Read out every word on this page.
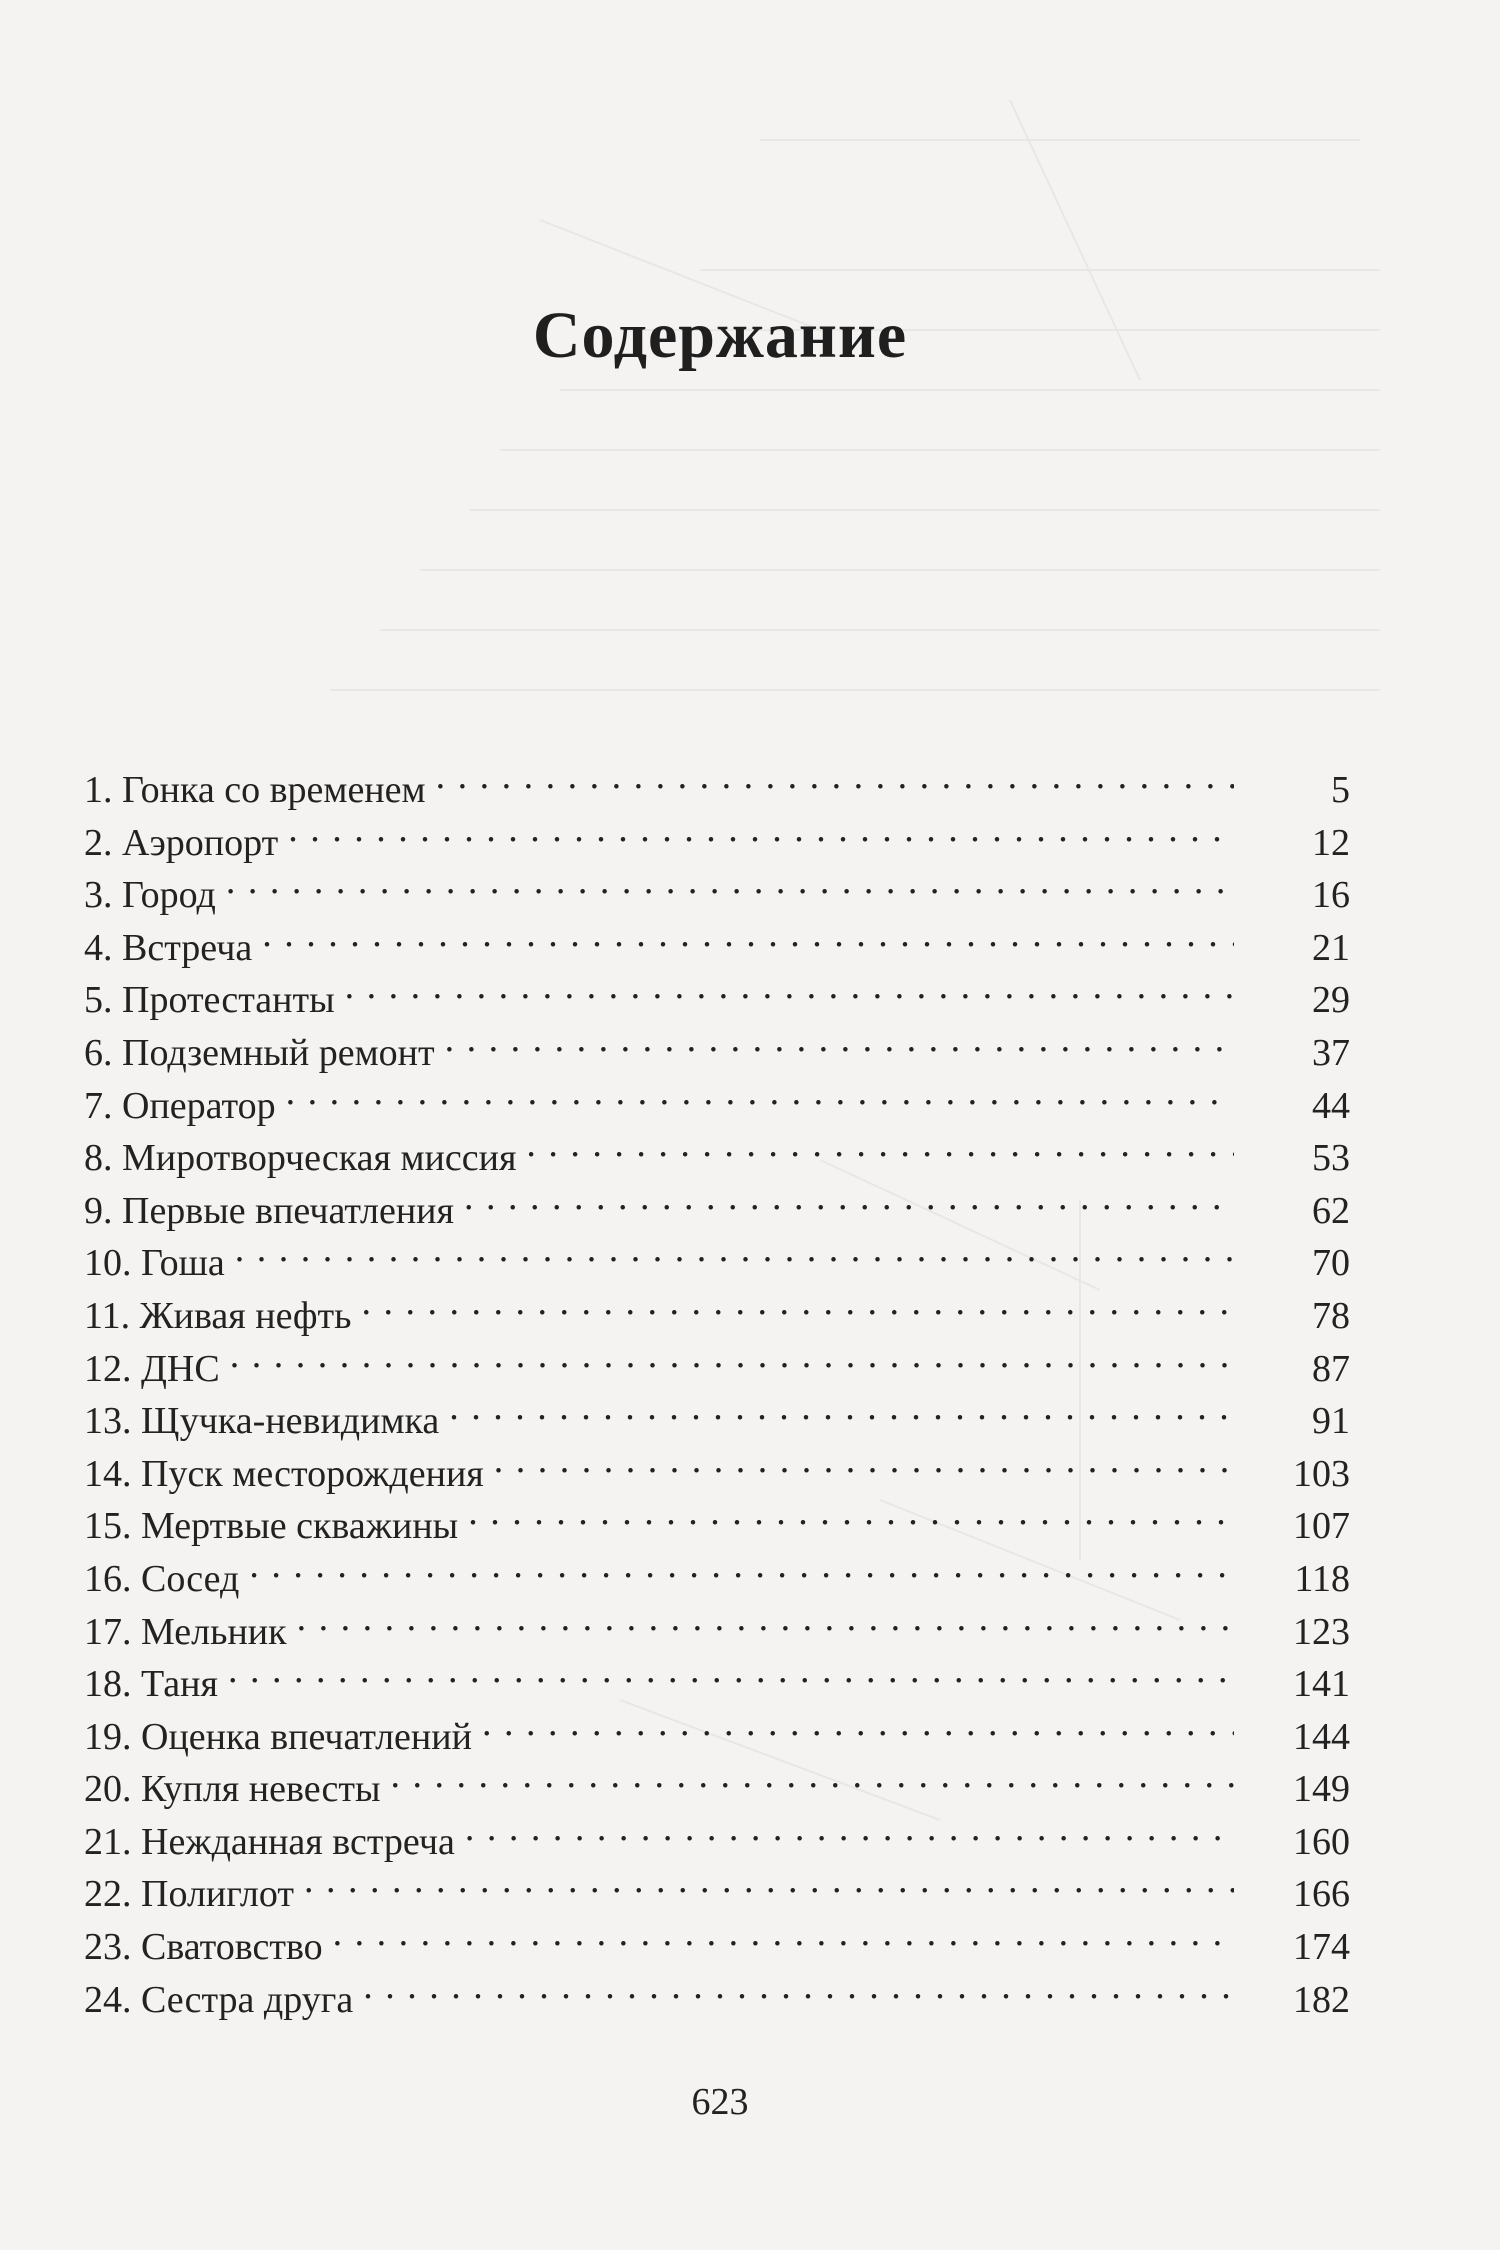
Содержание
1. Гонка со временем . . .	5
2. Аэропорт . . .	12
3. Город . . .	16
4. Встреча . . .	21
5. Протестанты . . .	29
6. Подземный ремонт . . .	37
7. Оператор . . .	44
8. Миротворческая миссия . . .	53
9. Первые впечатления . . .	62
10. Гоша . . .	70
11. Живая нефть . . .	78
12. ДНС . . .	87
13. Щучка-невидимка . . .	91
14. Пуск месторождения . . .	103
15. Мертвые скважины . . .	107
16. Сосед . . .	118
17. Мельник . . .	123
18. Таня . . .	141
19. Оценка впечатлений . . .	144
20. Купля невесты . . .	149
21. Нежданная встреча . . .	160
22. Полиглот . . .	166
23. Сватовство . . .	174
24. Сестра друга . . .	182
623
